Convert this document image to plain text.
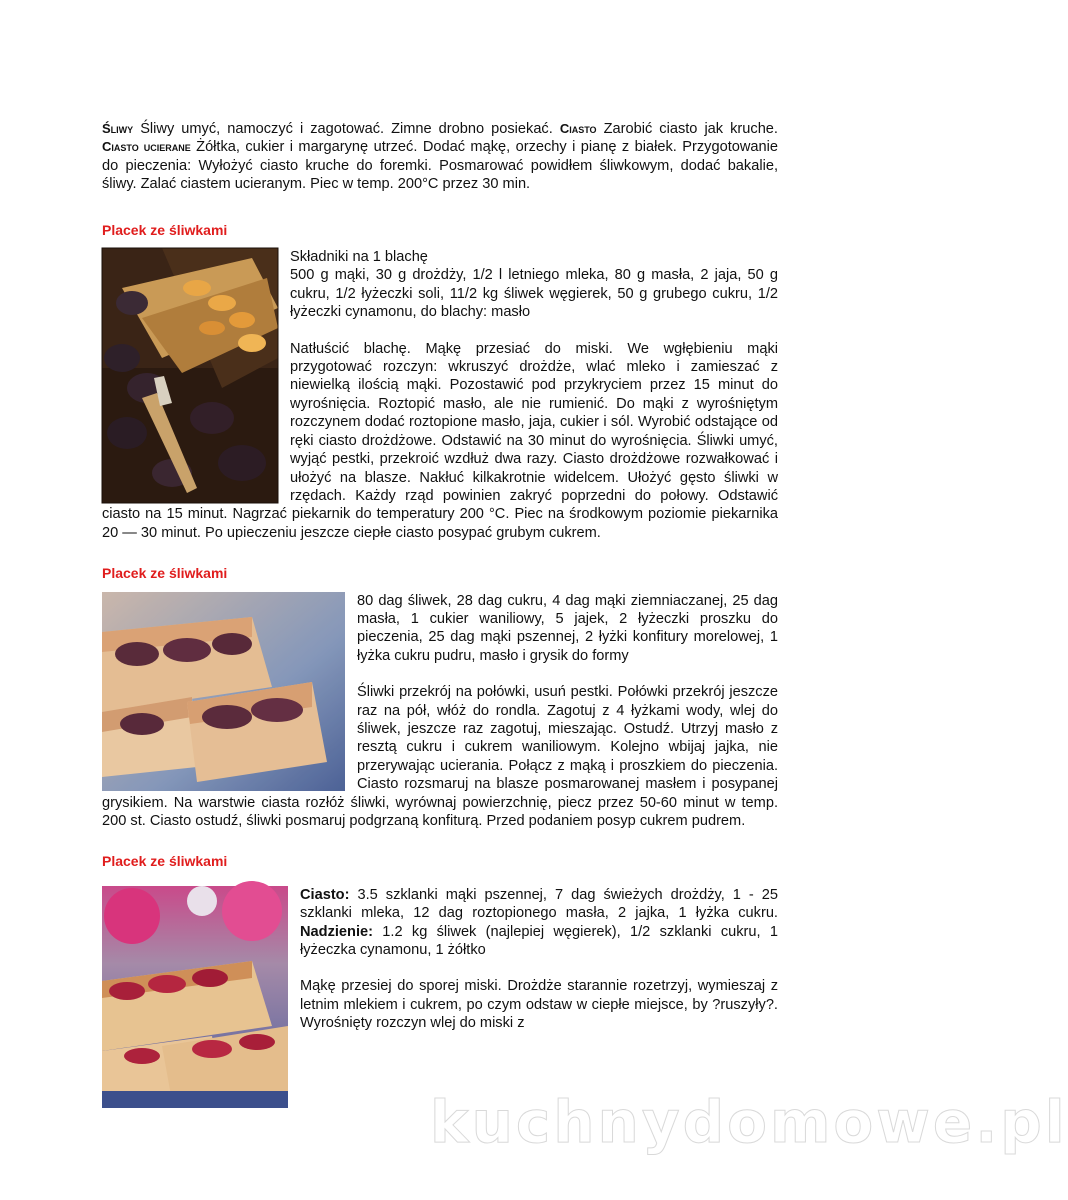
Śliwy Śliwy umyć, namoczyć i zagotować. Zimne drobno posiekać. Ciasto Zarobić ciasto jak kruche. Ciasto ucierane Żółtka, cukier i margarynę utrzeć. Dodać mąkę, orzechy i pianę z białek. Przygotowanie do pieczenia: Wyłożyć ciasto kruche do foremki. Posmarować powidłem śliwkowym, dodać bakalie, śliwy. Zalać ciastem ucieranym. Piec w temp. 200°C przez 30 min.

Placek ze śliwkami

Składniki na 1 blachę

500 g mąki, 30 g drożdży, 1/2 l letniego mleka, 80 g masła, 2 jaja, 50 g cukru, 1/2 łyżeczki soli, 11/2 kg śliwek węgierek, 50 g grubego cukru, 1/2 łyżeczki cynamonu, do blachy: masło

Natłuścić blachę. Mąkę przesiać do miski. We wgłębieniu mąki przygotować rozczyn: wkruszyć drożdże, wlać mleko i zamieszać z niewielką ilością mąki. Pozostawić pod przykryciem przez 15 minut do wyrośnięcia. Roztopić masło, ale nie rumienić. Do mąki z wyrośniętym rozczynem dodać roztopione masło, jaja, cukier i sól. Wyrobić odstające od ręki ciasto drożdżowe. Odstawić na 30 minut do wyrośnięcia. Śliwki umyć, wyjąć pestki, przekroić wzdłuż dwa razy. Ciasto drożdżowe rozwałkować i ułożyć na blasze. Nakłuć kilkakrotnie widelcem. Ułożyć gęsto śliwki w rzędach. Każdy rząd powinien zakryć poprzedni do połowy. Odstawić ciasto na 15 minut. Nagrzać piekarnik do temperatury 200 °C. Piec na środkowym poziomie piekarnika 20 — 30 minut. Po upieczeniu jeszcze ciepłe ciasto posypać grubym cukrem.

Placek ze śliwkami

80 dag śliwek, 28 dag cukru, 4 dag mąki ziemniaczanej, 25 dag masła, 1 cukier waniliowy, 5 jajek, 2 łyżeczki proszku do pieczenia, 25 dag mąki pszennej, 2 łyżki konfitury morelowej, 1 łyżka cukru pudru, masło i grysik do formy

Śliwki przekrój na połówki, usuń pestki. Połówki przekrój jeszcze raz na pół, włóż do rondla. Zagotuj z 4 łyżkami wody, wlej do śliwek, jeszcze raz zagotuj, mieszając. Ostudź. Utrzyj masło z resztą cukru i cukrem waniliowym. Kolejno wbijaj jajka, nie przerywając ucierania. Połącz z mąką i proszkiem do pieczenia. Ciasto rozsmaruj na blasze posmarowanej masłem i posypanej grysikiem. Na warstwie ciasta rozłóż śliwki, wyrównaj powierzchnię, piecz przez 50-60 minut w temp. 200 st. Ciasto ostudź, śliwki posmaruj podgrzaną konfiturą. Przed podaniem posyp cukrem pudrem.

Placek ze śliwkami

Ciasto: 3.5 szklanki mąki pszennej, 7 dag świeżych drożdży, 1 - 25 szklanki mleka, 12 dag roztopionego masła, 2 jajka, 1 łyżka cukru. Nadzienie: 1.2 kg śliwek (najlepiej węgierek), 1/2 szklanki cukru, 1 łyżeczka cynamonu, 1 żółtko

Mąkę przesiej do sporej miski. Drożdże starannie rozetrzyj, wymieszaj z letnim mlekiem i cukrem, po czym odstaw w ciepłe miejsce, by ?ruszyły?. Wyrośnięty rozczyn wlej do miski z

kuchnydomowe.pl
